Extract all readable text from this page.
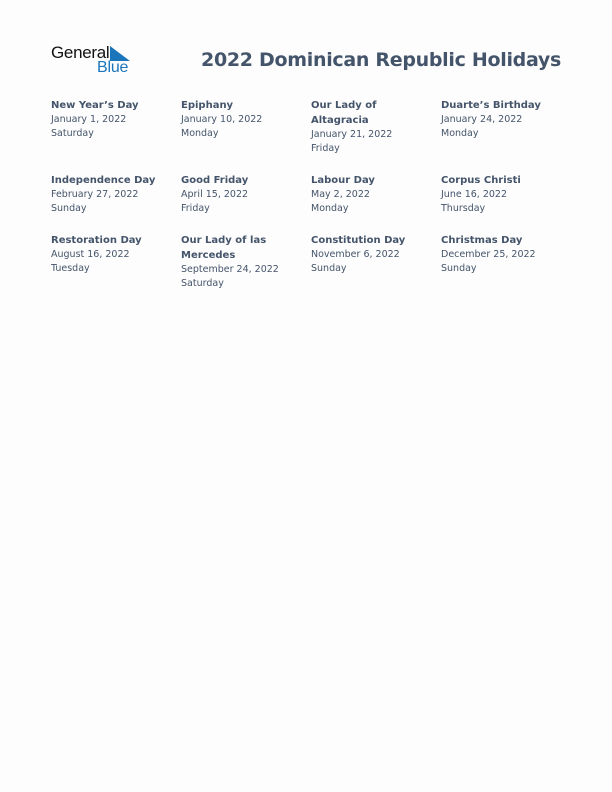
General
Blue	2022 Dominican Republic Holidays
New Year’s Day
January 1, 2022
Saturday
Epiphany
January 10, 2022
Monday
Our Lady of Altagracia
January 21, 2022
Friday
Duarte’s Birthday
January 24, 2022
Monday
Independence Day
February 27, 2022
Sunday
Good Friday
April 15, 2022
Friday
Labour Day
May 2, 2022
Monday
Corpus Christi
June 16, 2022
Thursday
Restoration Day
August 16, 2022
Tuesday
Our Lady of las Mercedes
September 24, 2022
Saturday
Constitution Day
November 6, 2022
Sunday
Christmas Day
December 25, 2022
Sunday
